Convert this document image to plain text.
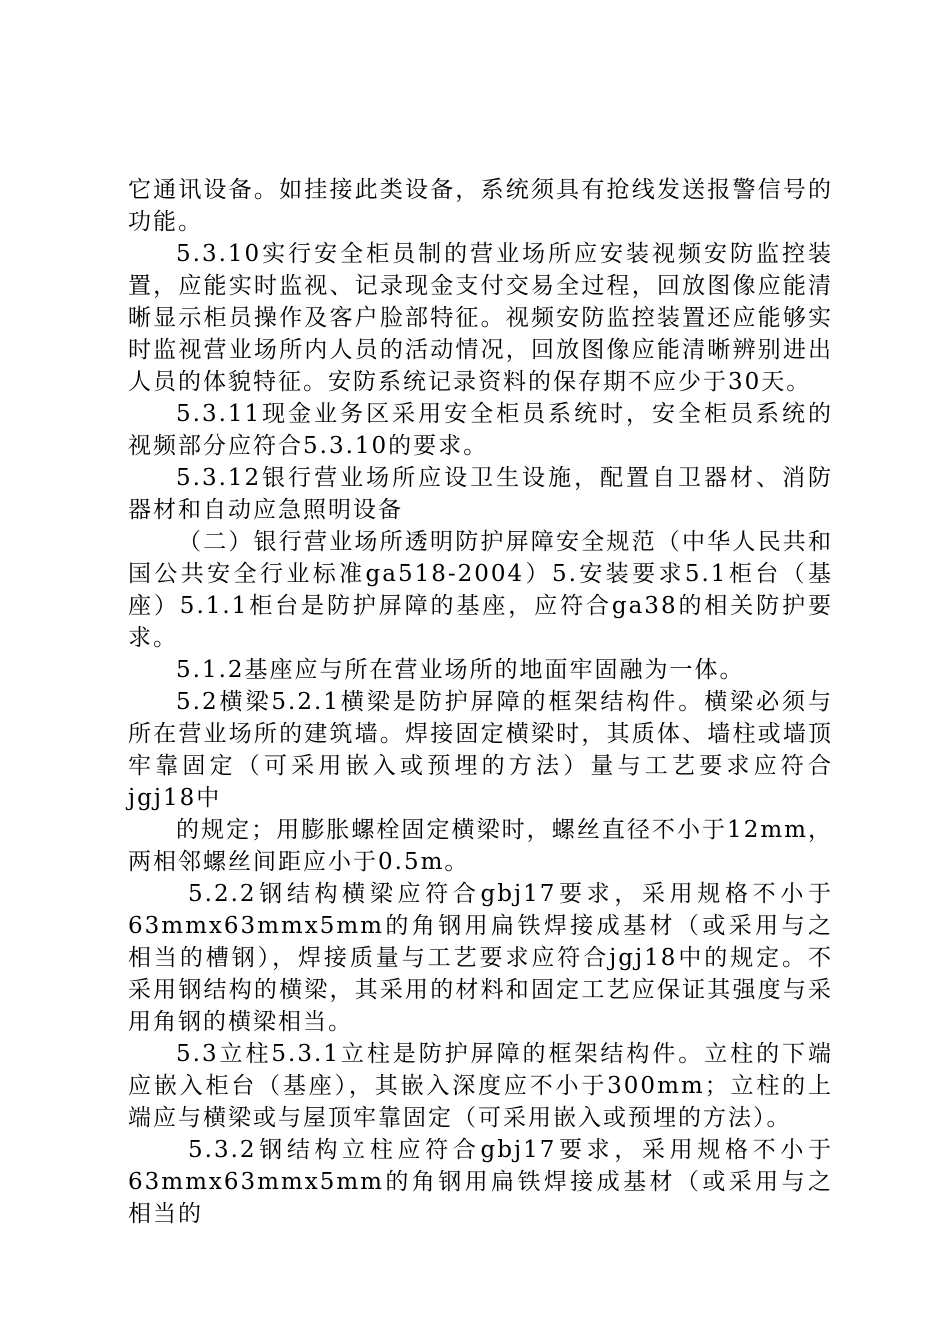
它通讯设备。如挂接此类设备，系统须具有抢线发送报警信号的功能。

5.3.10实行安全柜员制的营业场所应安装视频安防监控装置，应能实时监视、记录现金支付交易全过程，回放图像应能清晰显示柜员操作及客户脸部特征。视频安防监控装置还应能够实时监视营业场所内人员的活动情况，回放图像应能清晰辨别进出人员的体貌特征。安防系统记录资料的保存期不应少于30天。

5.3.11现金业务区采用安全柜员系统时，安全柜员系统的视频部分应符合5.3.10的要求。

5.3.12银行营业场所应设卫生设施，配置自卫器材、消防器材和自动应急照明设备

（二）银行营业场所透明防护屏障安全规范（中华人民共和国公共安全行业标准ga518-2004）5.安装要求5.1柜台（基座）5.1.1柜台是防护屏障的基座，应符合ga38的相关防护要求。

5.1.2基座应与所在营业场所的地面牢固融为一体。

5.2横梁5.2.1横梁是防护屏障的框架结构件。横梁必须与所在营业场所的建筑墙。焊接固定横梁时，其质体、墙柱或墙顶牢靠固定（可采用嵌入或预埋的方法）量与工艺要求应符合jgj18中

的规定；用膨胀螺栓固定横梁时，螺丝直径不小于12mm，两相邻螺丝间距应小于0.5m。

5.2.2钢结构横梁应符合gbj17要求，采用规格不小于63mmx63mmx5mm的角钢用扁铁焊接成基材（或采用与之相当的槽钢），焊接质量与工艺要求应符合jgj18中的规定。不采用钢结构的横梁，其采用的材料和固定工艺应保证其强度与采用角钢的横梁相当。

5.3立柱5.3.1立柱是防护屏障的框架结构件。立柱的下端应嵌入柜台（基座），其嵌入深度应不小于300mm；立柱的上端应与横梁或与屋顶牢靠固定（可采用嵌入或预埋的方法）。

5.3.2钢结构立柱应符合gbj17要求，采用规格不小于63mmx63mmx5mm的角钢用扁铁焊接成基材（或采用与之相当的
